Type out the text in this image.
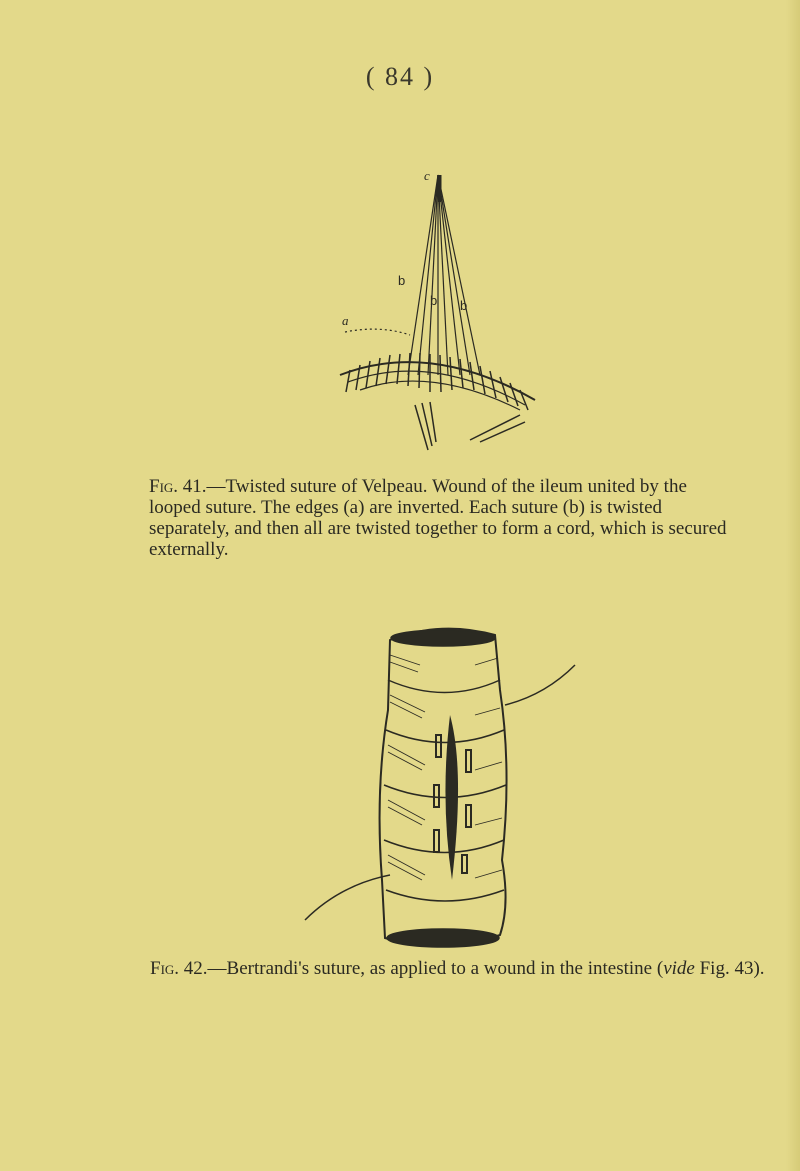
( 84 )
c
a
b
b b
Fig. 41.—Twisted suture of Velpeau. Wound of the ileum united by the
looped suture. The edges (a) are inverted. Each suture (b) is twisted
separately, and then all are twisted together to form a cord, which is secured
externally.
Fig. 42.—Bertrandi's suture, as applied to a wound in the intestine (vide Fig. 43).
